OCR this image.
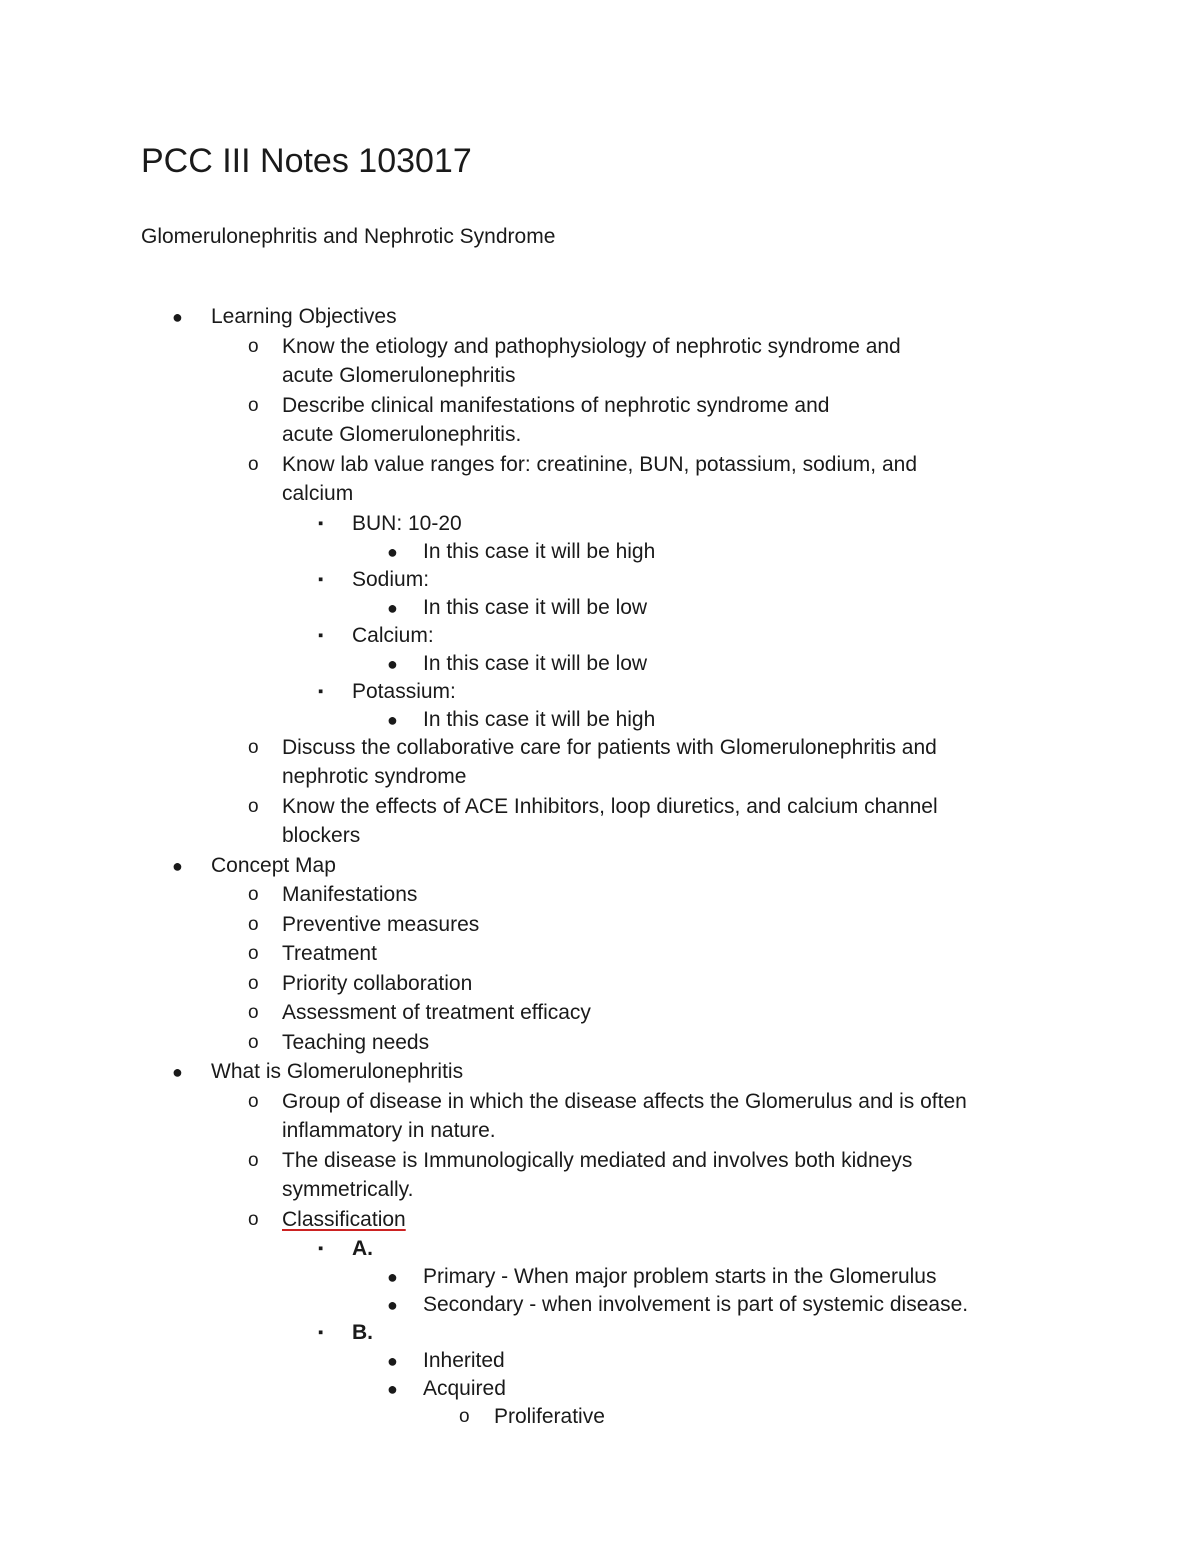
PCC III Notes 103017

Glomerulonephritis and Nephrotic Syndrome

● Learning Objectives
o Know the etiology and pathophysiology of nephrotic syndrome and
acute Glomerulonephritis
o Describe clinical manifestations of nephrotic syndrome and
acute Glomerulonephritis.
o Know lab value ranges for: creatinine, BUN, potassium, sodium, and
calcium
▪ BUN: 10-20
● In this case it will be high
▪ Sodium:
● In this case it will be low
▪ Calcium:
● In this case it will be low
▪ Potassium:
● In this case it will be high
o Discuss the collaborative care for patients with Glomerulonephritis and
nephrotic syndrome
o Know the effects of ACE Inhibitors, loop diuretics, and calcium channel
blockers
● Concept Map
o Manifestations
o Preventive measures
o Treatment
o Priority collaboration
o Assessment of treatment efficacy
o Teaching needs
● What is Glomerulonephritis
o Group of disease in which the disease affects the Glomerulus and is often
inflammatory in nature.
o The disease is Immunologically mediated and involves both kidneys
symmetrically.
o Classification
▪ A.
● Primary - When major problem starts in the Glomerulus
● Secondary - when involvement is part of systemic disease.
▪ B.
● Inherited
● Acquired
o Proliferative
